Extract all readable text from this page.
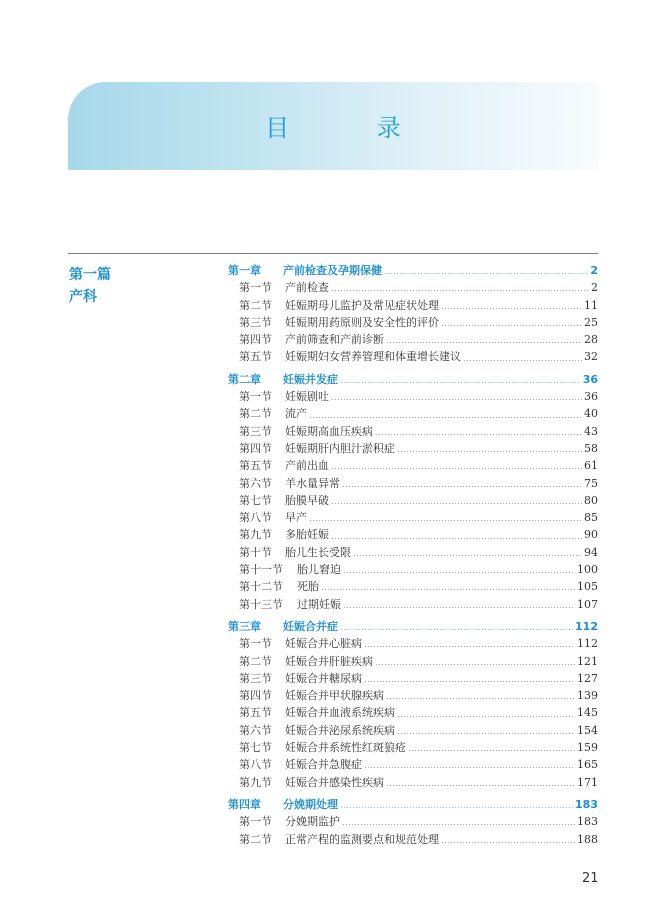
目 录
第一篇
产科
第一章	产前检查及孕期保健	2
第一节	产前检查	2
第二节	妊娠期母儿监护及常见症状处理	11
第三节	妊娠期用药原则及安全性的评价	25
第四节	产前筛查和产前诊断	28
第五节	妊娠期妇女营养管理和体重增长建议	32
第二章	妊娠并发症	36
第一节	妊娠剧吐	36
第二节	流产	40
第三节	妊娠期高血压疾病	43
第四节	妊娠期肝内胆汁淤积症	58
第五节	产前出血	61
第六节	羊水量异常	75
第七节	胎膜早破	80
第八节	早产	85
第九节	多胎妊娠	90
第十节	胎儿生长受限	94
第十一节	胎儿窘迫	100
第十二节	死胎	105
第十三节	过期妊娠	107
第三章	妊娠合并症	112
第一节	妊娠合并心脏病	112
第二节	妊娠合并肝脏疾病	121
第三节	妊娠合并糖尿病	127
第四节	妊娠合并甲状腺疾病	139
第五节	妊娠合并血液系统疾病	145
第六节	妊娠合并泌尿系统疾病	154
第七节	妊娠合并系统性红斑狼疮	159
第八节	妊娠合并急腹症	165
第九节	妊娠合并感染性疾病	171
第四章	分娩期处理	183
第一节	分娩期监护	183
第二节	正常产程的监测要点和规范处理	188
21
